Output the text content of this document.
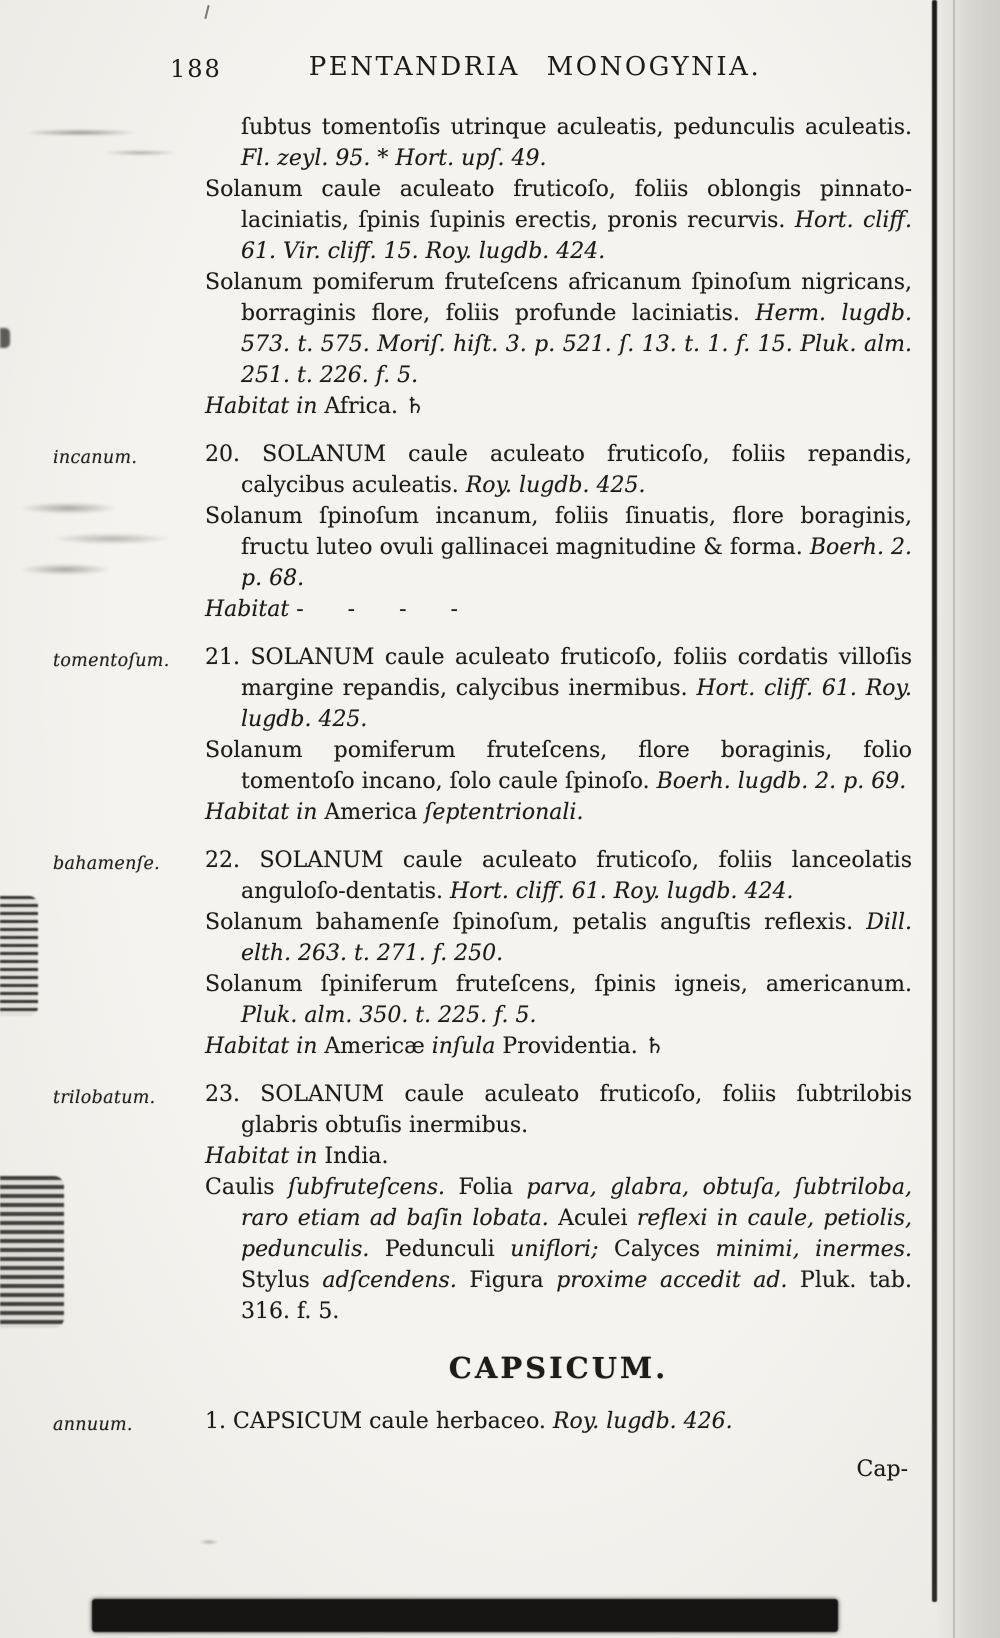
188	PENTANDRIA MONOGYNIA.

ſubtus tomentoſis utrinque aculeatis, pedunculis aculeatis. Fl. zeyl. 95. * Hort. upſ. 49.

Solanum caule aculeato fruticoſo, foliis oblongis pinnato-laciniatis, ſpinis ſupinis erectis, pronis recurvis. Hort. cliff. 61. Vir. cliff. 15. Roy. lugdb. 424.

Solanum pomiferum fruteſcens africanum ſpinoſum nigricans, borraginis flore, foliis profunde laciniatis. Herm. lugdb. 573. t. 575. Moriſ. hiſt. 3. p. 521. ſ. 13. t. 1. f. 15. Pluk. alm. 251. t. 226. f. 5.

Habitat in Africa. ♄

incanum.	20. SOLANUM caule aculeato fruticoſo, foliis repandis, calycibus aculeatis. Roy. lugdb. 425.

Solanum ſpinoſum incanum, foliis ſinuatis, flore boraginis, fructu luteo ovuli gallinacei magnitudine & forma. Boerh. 2. p. 68.

Habitat -  -  -  -

tomentoſum.	21. SOLANUM caule aculeato fruticoſo, foliis cordatis villoſis margine repandis, calycibus inermibus. Hort. cliff. 61. Roy. lugdb. 425.

Solanum pomiferum fruteſcens, flore boraginis, folio tomentoſo incano, ſolo caule ſpinoſo. Boerh. lugdb. 2. p. 69.

Habitat in America ſeptentrionali.

bahamenſe.	22. SOLANUM caule aculeato fruticoſo, foliis lanceolatis anguloſo-dentatis. Hort. cliff. 61. Roy. lugdb. 424.

Solanum bahamenſe ſpinoſum, petalis anguſtis reflexis. Dill. elth. 263. t. 271. f. 250.

Solanum ſpiniferum fruteſcens, ſpinis igneis, americanum. Pluk. alm. 350. t. 225. f. 5.

Habitat in Americæ inſula Providentia. ♄

trilobatum.	23. SOLANUM caule aculeato fruticoſo, foliis ſubtrilobis glabris obtuſis inermibus.

Habitat in India.

Caulis ſubfruteſcens. Folia parva, glabra, obtuſa, ſubtriloba, raro etiam ad baſin lobata. Aculei reflexi in caule, petiolis, pedunculis. Pedunculi uniflori; Calyces minimi, inermes. Stylus adſcendens. Figura proxime accedit ad. Pluk. tab. 316. f. 5.

CAPSICUM.
annuum.	1. CAPSICUM caule herbaceo. Roy. lugdb. 426.

Cap-
